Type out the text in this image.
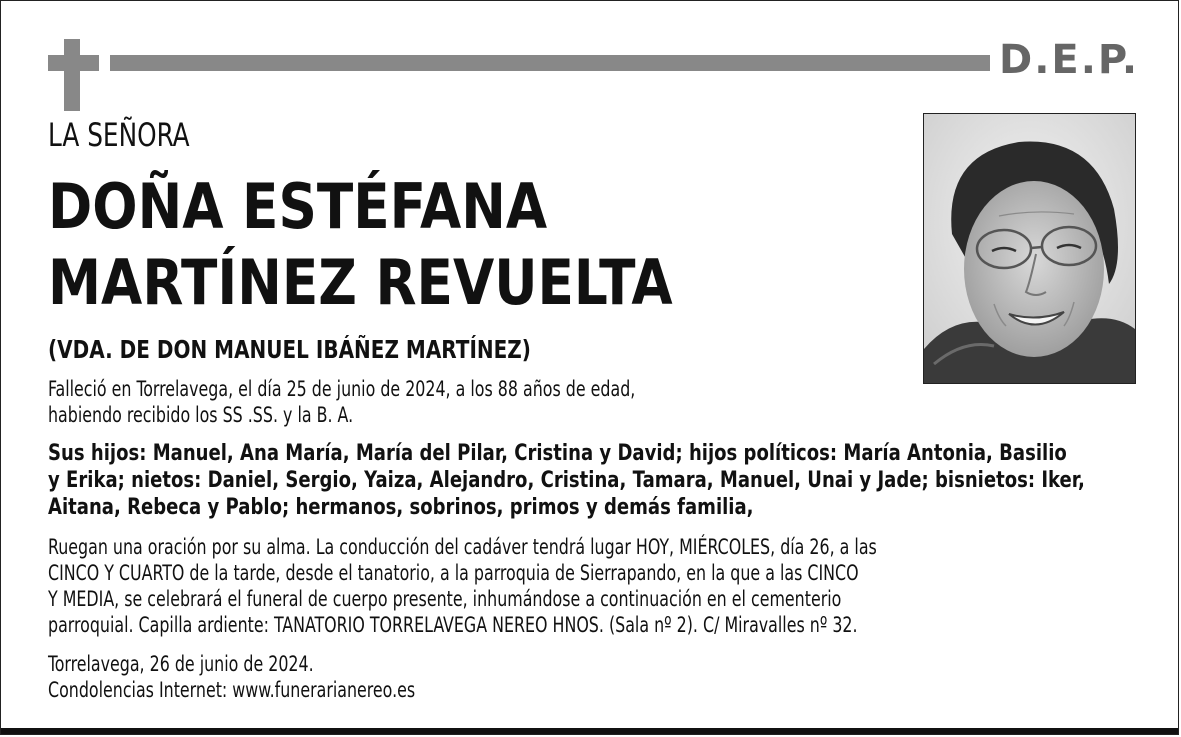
D.E.P.
LA SEÑORA
DOÑA ESTÉFANA
MARTÍNEZ REVUELTA
(VDA. DE DON MANUEL IBÁÑEZ MARTÍNEZ)
Falleció en Torrelavega, el día 25 de junio de 2024, a los 88 años de edad,
habiendo recibido los SS .SS. y la B. A.
Sus hijos: Manuel, Ana María, María del Pilar, Cristina y David; hijos políticos: María Antonia, Basilio
y Erika; nietos: Daniel, Sergio, Yaiza, Alejandro, Cristina, Tamara, Manuel, Unai y Jade; bisnietos: Iker,
Aitana, Rebeca y Pablo; hermanos, sobrinos, primos y demás familia,
Ruegan una oración por su alma. La conducción del cadáver tendrá lugar HOY, MIÉRCOLES, día 26, a las
CINCO Y CUARTO de la tarde, desde el tanatorio, a la parroquia de Sierrapando, en la que a las CINCO
Y MEDIA, se celebrará el funeral de cuerpo presente, inhumándose a continuación en el cementerio
parroquial. Capilla ardiente: TANATORIO TORRELAVEGA NEREO HNOS. (Sala nº 2). C/ Miravalles nº 32.
Torrelavega, 26 de junio de 2024.
Condolencias Internet: www.funerarianereo.es
